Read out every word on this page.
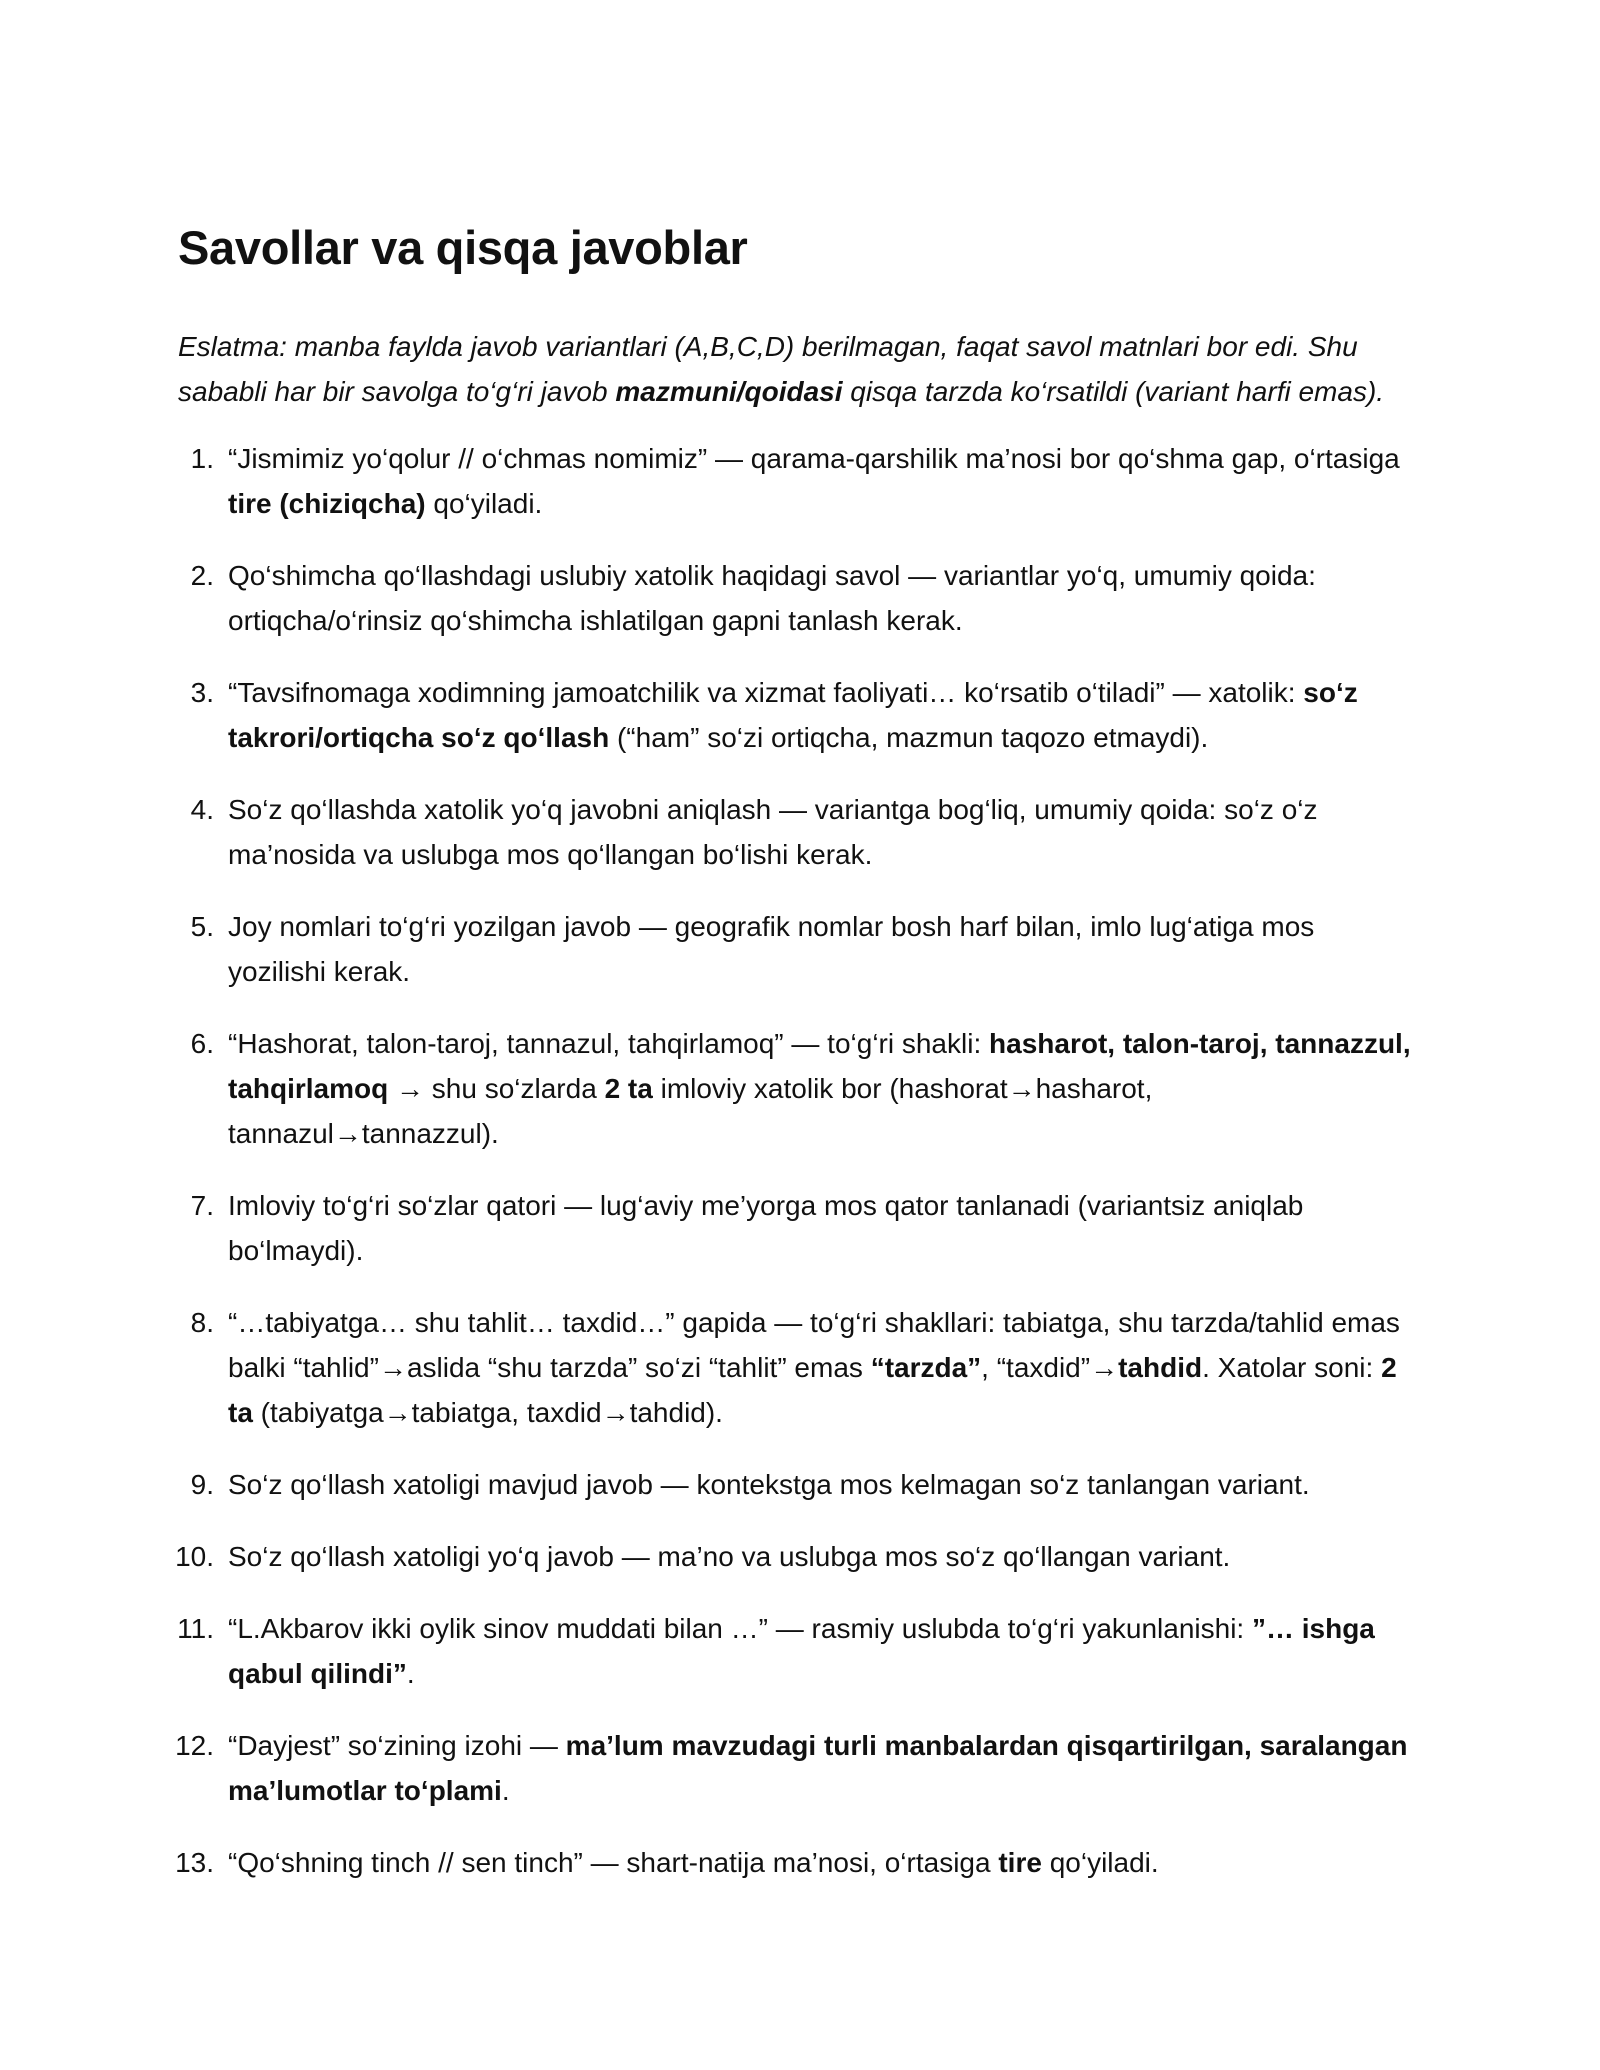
Savollar va qisqa javoblar

Eslatma: manba faylda javob variantlari (A,B,C,D) berilmagan, faqat savol matnlari bor edi. Shu sababli har bir savolga to‘g‘ri javob mazmuni/qoidasi qisqa tarzda ko‘rsatildi (variant harfi emas).

1. “Jismimiz yo‘qolur // o‘chmas nomimiz” — qarama-qarshilik ma’nosi bor qo‘shma gap, o‘rtasiga tire (chiziqcha) qo‘yiladi.
2. Qo‘shimcha qo‘llashdagi uslubiy xatolik haqidagi savol — variantlar yo‘q, umumiy qoida: ortiqcha/o‘rinsiz qo‘shimcha ishlatilgan gapni tanlash kerak.
3. “Tavsifnomaga xodimning jamoatchilik va xizmat faoliyati… ko‘rsatib o‘tiladi” — xatolik: so‘z takrori/ortiqcha so‘z qo‘llash (“ham” so‘zi ortiqcha, mazmun taqozo etmaydi).
4. So‘z qo‘llashda xatolik yo‘q javobni aniqlash — variantga bog‘liq, umumiy qoida: so‘z o‘z ma’nosida va uslubga mos qo‘llangan bo‘lishi kerak.
5. Joy nomlari to‘g‘ri yozilgan javob — geografik nomlar bosh harf bilan, imlo lug‘atiga mos yozilishi kerak.
6. “Hashorat, talon-taroj, tannazul, tahqirlamoq” — to‘g‘ri shakli: hasharot, talon-taroj, tannazzul, tahqirlamoq → shu so‘zlarda 2 ta imloviy xatolik bor (hashorat→hasharot, tannazul→tannazzul).
7. Imloviy to‘g‘ri so‘zlar qatori — lug‘aviy me’yorga mos qator tanlanadi (variantsiz aniqlab bo‘lmaydi).
8. “…tabiyatga… shu tahlit… taxdid…” gapida — to‘g‘ri shakllari: tabiatga, shu tarzda/tahlid emas balki “tahlid”→aslida “shu tarzda” so‘zi “tahlit” emas “tarzda”, “taxdid”→tahdid. Xatolar soni: 2 ta (tabiyatga→tabiatga, taxdid→tahdid).
9. So‘z qo‘llash xatoligi mavjud javob — kontekstga mos kelmagan so‘z tanlangan variant.
10. So‘z qo‘llash xatoligi yo‘q javob — ma’no va uslubga mos so‘z qo‘llangan variant.
11. “L.Akbarov ikki oylik sinov muddati bilan …” — rasmiy uslubda to‘g‘ri yakunlanishi: ”… ishga qabul qilindi”.
12. “Dayjest” so‘zining izohi — ma’lum mavzudagi turli manbalardan qisqartirilgan, saralangan ma’lumotlar to‘plami.
13. “Qo‘shning tinch // sen tinch” — shart-natija ma’nosi, o‘rtasiga tire qo‘yiladi.
